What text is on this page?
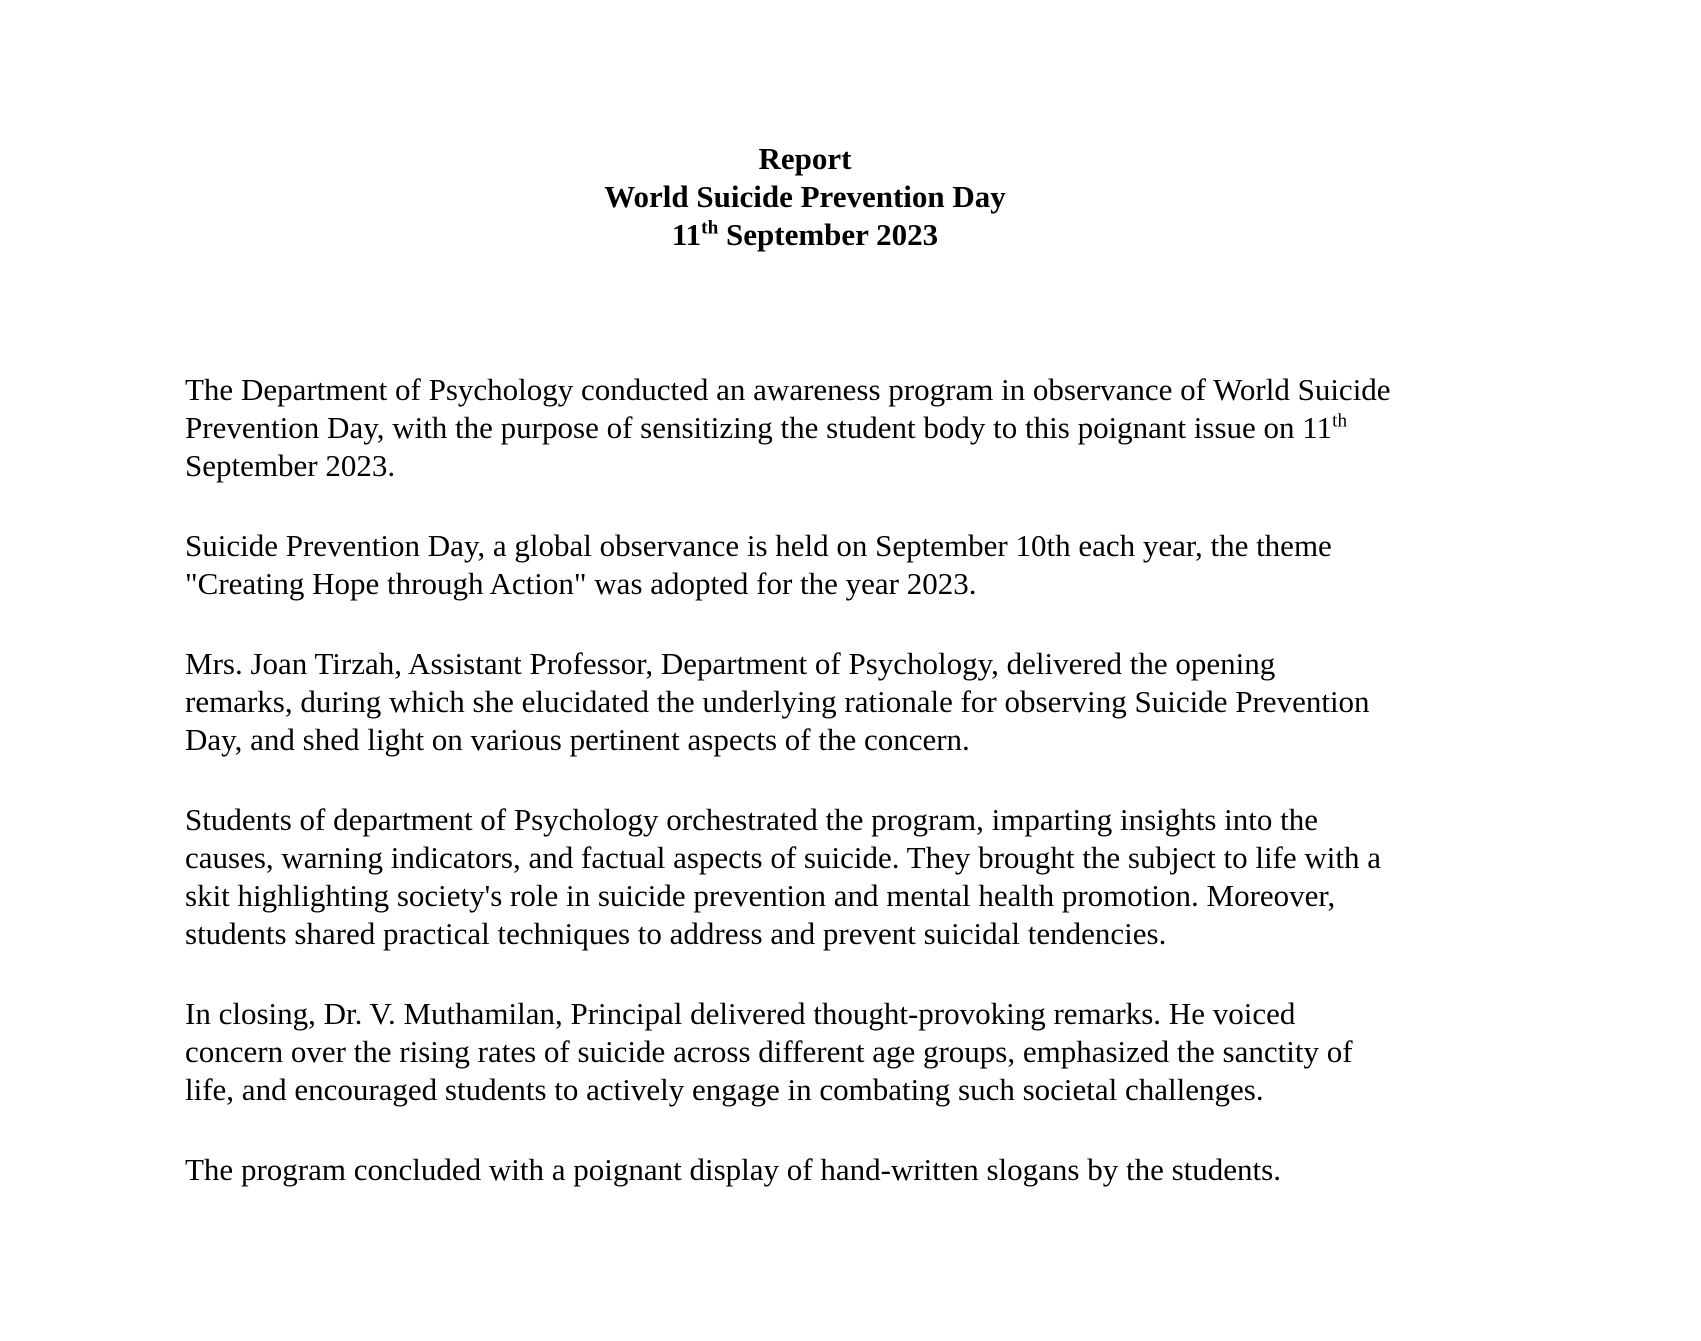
Report
World Suicide Prevention Day
11th September 2023
The Department of Psychology conducted an awareness program in observance of World Suicide
Prevention Day, with the purpose of sensitizing the student body to this poignant issue on 11th
September 2023.
Suicide Prevention Day, a global observance is held on September 10th each year, the theme
"Creating Hope through Action" was adopted for the year 2023.
Mrs. Joan Tirzah, Assistant Professor, Department of Psychology, delivered the opening
remarks, during which she elucidated the underlying rationale for observing Suicide Prevention
Day, and shed light on various pertinent aspects of the concern.
Students of department of Psychology orchestrated the program, imparting insights into the
causes, warning indicators, and factual aspects of suicide. They brought the subject to life with a
skit highlighting society's role in suicide prevention and mental health promotion. Moreover,
students shared practical techniques to address and prevent suicidal tendencies.
In closing, Dr. V. Muthamilan, Principal delivered thought-provoking remarks. He voiced
concern over the rising rates of suicide across different age groups, emphasized the sanctity of
life, and encouraged students to actively engage in combating such societal challenges.
The program concluded with a poignant display of hand-written slogans by the students.
